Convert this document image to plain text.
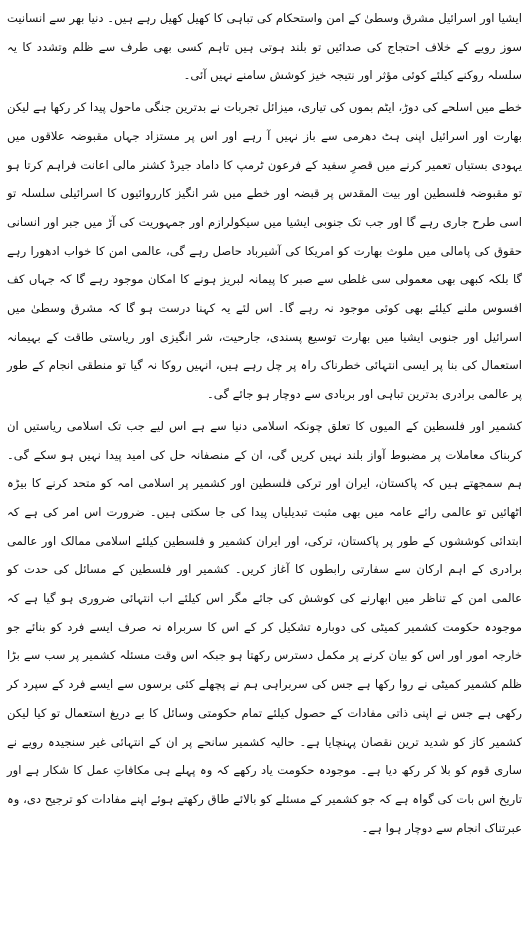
ایشیا اور اسرائیل مشرق وسطیٰ کے امن واستحکام کی تباہی کا کھیل کھیل رہے ہیں۔ دنیا بھر سے انسانیت سوز رویے کے خلاف احتجاج کی صدائیں تو بلند ہوتی ہیں تاہم کسی بھی طرف سے ظلم وتشدد کا یہ سلسلہ روکنے کیلئے کوئی مؤثر اور نتیجہ خیز کوشش سامنے نہیں آئی۔

خطے میں اسلحے کی دوڑ، ایٹم بموں کی تیاری، میزائل تجربات نے بدترین جنگی ماحول پیدا کر رکھا ہے لیکن بھارت اور اسرائیل اپنی ہٹ دھرمی سے باز نہیں آ رہے اور اس پر مستزاد جہاں مقبوضہ علاقوں میں یہودی بستیاں تعمیر کرنے میں قصرِ سفید کے فرعون ٹرمپ کا داماد جیرڈ کشنر مالی اعانت فراہم کرتا ہو تو مقبوضہ فلسطین اور بیت المقدس پر قبضہ اور خطے میں شر انگیز کارروائیوں کا اسرائیلی سلسلہ تو اسی طرح جاری رہے گا اور جب تک جنوبی ایشیا میں سیکولرازم اور جمہوریت کی آڑ میں جبر اور انسانی حقوق کی پامالی میں ملوث بھارت کو امریکا کی آشیرباد حاصل رہے گی، عالمی امن کا خواب ادھورا رہے گا بلکہ کبھی بھی معمولی سی غلطی سے صبر کا پیمانہ لبریز ہونے کا امکان موجود رہے گا کہ جہاں کف افسوس ملنے کیلئے بھی کوئی موجود نہ رہے گا۔ اس لئے یہ کہنا درست ہو گا کہ مشرق وسطیٰ میں اسرائیل اور جنوبی ایشیا میں بھارت توسیع پسندی، جارحیت، شر انگیزی اور ریاستی طاقت کے بہیمانہ استعمال کی بنا پر ایسی انتہائی خطرناک راہ پر چل رہے ہیں، انہیں روکا نہ گیا تو منطقی انجام کے طور پر عالمی برادری بدترین تباہی اور بربادی سے دوچار ہو جائے گی۔

کشمیر اور فلسطین کے المیوں کا تعلق چونکہ اسلامی دنیا سے ہے اس لیے جب تک اسلامی ریاستیں ان کربناک معاملات پر مضبوط آواز بلند نہیں کریں گی، ان کے منصفانہ حل کی امید پیدا نہیں ہو سکے گی۔ ہم سمجھتے ہیں کہ پاکستان، ایران اور ترکی فلسطین اور کشمیر پر اسلامی امہ کو متحد کرنے کا بیڑہ اٹھائیں تو عالمی رائے عامہ میں بھی مثبت تبدیلیاں پیدا کی جا سکتی ہیں۔ ضرورت اس امر کی ہے کہ ابتدائی کوششوں کے طور پر پاکستان، ترکی، اور ایران کشمیر و فلسطین کیلئے اسلامی ممالک اور عالمی برادری کے اہم ارکان سے سفارتی رابطوں کا آغاز کریں۔ کشمیر اور فلسطین کے مسائل کی حدت کو عالمی امن کے تناظر میں ابھارنے کی کوشش کی جائے مگر اس کیلئے اب انتہائی ضروری ہو گیا ہے کہ موجودہ حکومت کشمیر کمیٹی کی دوبارہ تشکیل کر کے اس کا سربراہ نہ صرف ایسے فرد کو بنائے جو خارجہ امور اور اس کو بیان کرنے پر مکمل دسترس رکھتا ہو جبکہ اس وقت مسئلہ کشمیر پر سب سے بڑا ظلم کشمیر کمیٹی نے روا رکھا ہے جس کی سربراہی ہم نے پچھلے کئی برسوں سے ایسے فرد کے سپرد کر رکھی ہے جس نے اپنی ذاتی مفادات کے حصول کیلئے تمام حکومتی وسائل کا بے دریغ استعمال تو کیا لیکن کشمیر کاز کو شدید ترین نقصان پہنچایا ہے۔ حالیہ کشمیر سانحے پر ان کے انتہائی غیر سنجیدہ رویے نے ساری قوم کو بلا کر رکھ دیا ہے۔ موجودہ حکومت یاد رکھے کہ وہ پہلے ہی مکافاتِ عمل کا شکار ہے اور تاریخ اس بات کی گواہ ہے کہ جو کشمیر کے مسئلے کو بالائے طاق رکھتے ہوئے اپنے مفادات کو ترجیح دی، وہ عبرتناک انجام سے دوچار ہوا ہے۔
